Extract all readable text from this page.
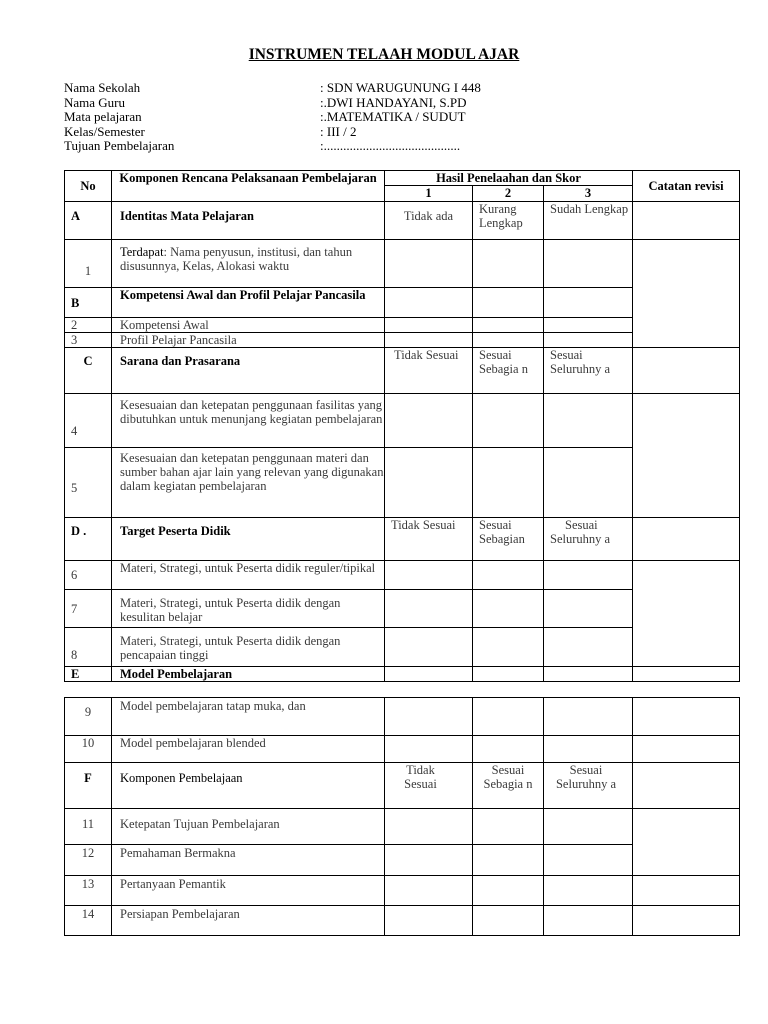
INSTRUMEN TELAAH MODUL AJAR
Nama Sekolah	: SDN WARUGUNUNG I 448
Nama Guru	:.DWI HANDAYANI, S.PD
Mata pelajaran	:.MATEMATIKA / SUDUT
Kelas/Semester	: III / 2
Tujuan Pembelajaran	:..........................................
No	Komponen Rencana Pelaksanaan Pembelajaran	Hasil Penelaahan dan Skor			Catatan revisi
		1	2	3	
A	Identitas Mata Pelajaran	Tidak ada	Kurang Lengkap	Sudah Lengkap	
1	Terdapat: Nama penyusun, institusi, dan tahun disusunnya, Kelas, Alokasi waktu				
B	Kompetensi Awal dan Profil Pelajar Pancasila				
2	Kompetensi Awal				
3	Profil Pelajar Pancasila				
C	Sarana dan Prasarana	Tidak Sesuai	Sesuai Sebagia n	Sesuai Seluruhny a	
4	Kesesuaian dan ketepatan penggunaan fasilitas yang dibutuhkan untuk menunjang kegiatan pembelajaran				
5	Kesesuaian dan ketepatan penggunaan materi dan sumber bahan ajar lain yang relevan yang digunakan dalam kegiatan pembelajaran				
D .	Target Peserta Didik	Tidak Sesuai	Sesuai Sebagian	Sesuai Seluruhny a	
6	Materi, Strategi, untuk Peserta didik reguler/tipikal				
7	Materi, Strategi, untuk Peserta didik dengan kesulitan belajar				
8	Materi, Strategi, untuk Peserta didik dengan pencapaian tinggi				
E	Model Pembelajaran				
9	Model pembelajaran tatap muka, dan				
10	Model pembelajaran blended				
F	Komponen Pembelajaan	Tidak Sesuai	Sesuai Sebagia n	Sesuai Seluruhny a	
11	Ketepatan Tujuan Pembelajaran				
12	Pemahaman Bermakna				
13	Pertanyaan Pemantik				
14	Persiapan Pembelajaran				
